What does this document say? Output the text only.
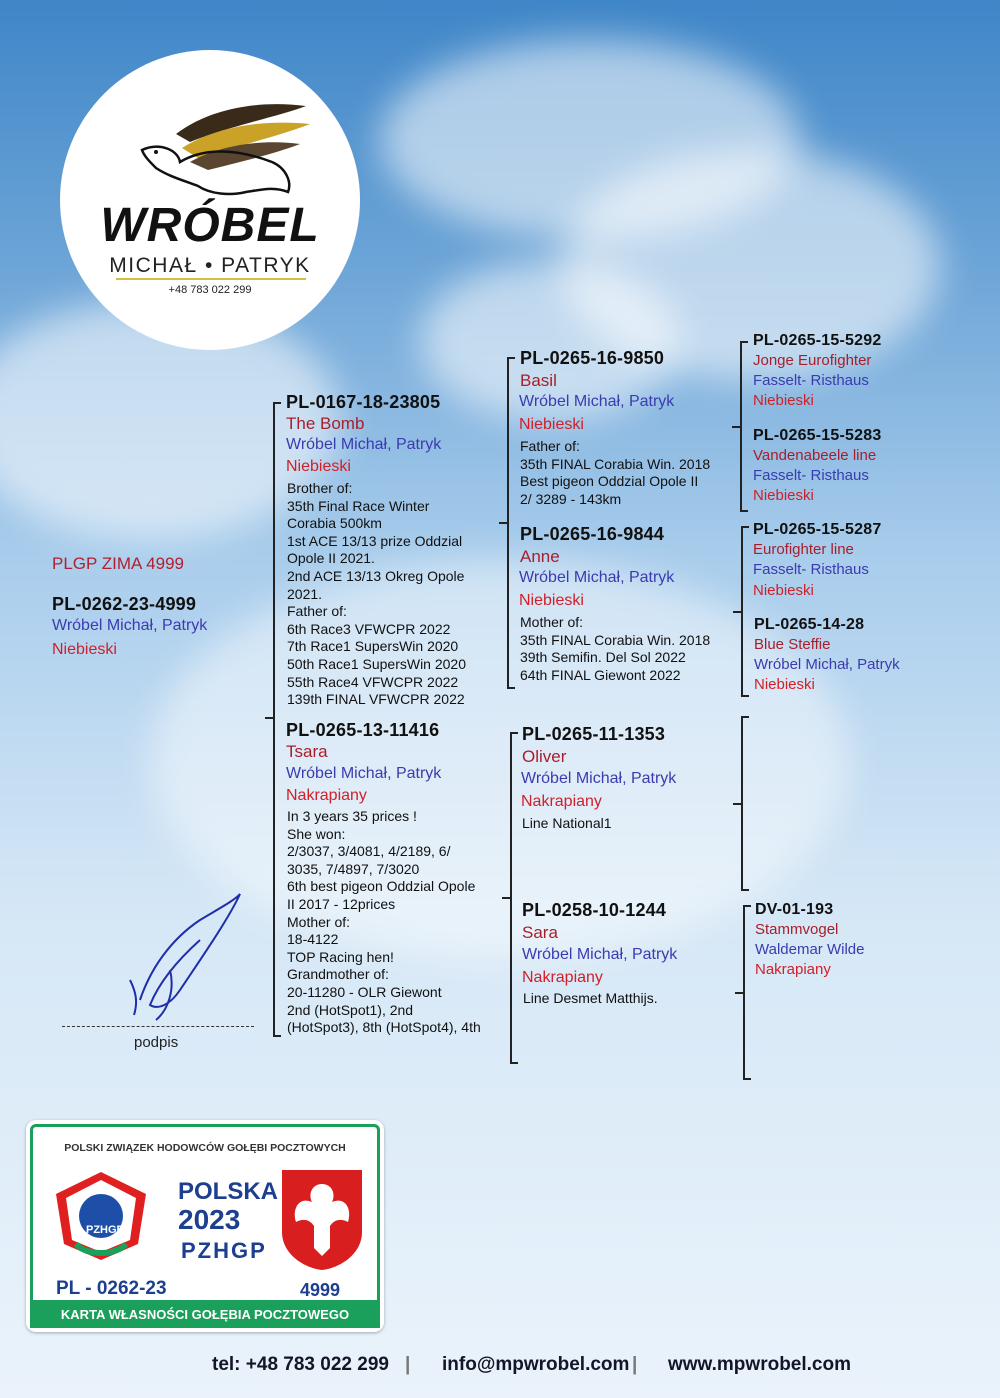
WRÓBEL
MICHAŁ • PATRYK
+48 783 022 299
PLGP ZIMA 4999
PL-0262-23-4999
Wróbel Michał, Patryk
Niebieski
PL-0167-18-23805
The Bomb
Wróbel Michał, Patryk
Niebieski
Brother of:
35th Final Race Winter
Corabia 500km
1st ACE 13/13 prize Oddzial
Opole II 2021.
2nd ACE 13/13 Okreg Opole
2021.
Father of:
6th Race3 VFWCPR 2022
7th Race1 SupersWin 2020
50th Race1 SupersWin 2020
55th Race4 VFWCPR 2022
139th FINAL VFWCPR 2022
PL-0265-13-11416
Tsara
Wróbel Michał, Patryk
Nakrapiany
In 3 years 35 prices !
She won:
2/3037, 3/4081, 4/2189, 6/
3035, 7/4897, 7/3020
6th best pigeon Oddzial Opole
II 2017 - 12prices
Mother of:
18-4122
TOP Racing hen!
Grandmother of:
20-11280 - OLR Giewont
2nd (HotSpot1), 2nd
(HotSpot3), 8th (HotSpot4), 4th
PL-0265-16-9850
Basil
Wróbel Michał, Patryk
Niebieski
Father of:
35th FINAL Corabia Win. 2018
Best pigeon Oddzial Opole II
2/ 3289 - 143km
PL-0265-16-9844
Anne
Wróbel Michał, Patryk
Niebieski
Mother of:
35th FINAL Corabia Win. 2018
39th Semifin. Del Sol 2022
64th FINAL Giewont 2022
PL-0265-11-1353
Oliver
Wróbel Michał, Patryk
Nakrapiany
Line National1
PL-0258-10-1244
Sara
Wróbel Michał, Patryk
Nakrapiany
Line Desmet Matthijs.
PL-0265-15-5292
Jonge Eurofighter
Fasselt- Risthaus
Niebieski
PL-0265-15-5283
Vandenabeele line
Fasselt- Risthaus
Niebieski
PL-0265-15-5287
Eurofighter line
Fasselt- Risthaus
Niebieski
PL-0265-14-28
Blue Steffie
Wróbel Michał, Patryk
Niebieski
DV-01-193
Stammvogel
Waldemar Wilde
Nakrapiany
podpis
POLSKI ZWIĄZEK HODOWCÓW GOŁĘBI POCZTOWYCH
PZHGP
POLSKA
2023
PZHGP
PL - 0262-23	4999
KARTA WŁASNOŚCI GOŁĘBIA POCZTOWEGO
tel: +48 783 022 299 | info@mpwrobel.com | www.mpwrobel.com
